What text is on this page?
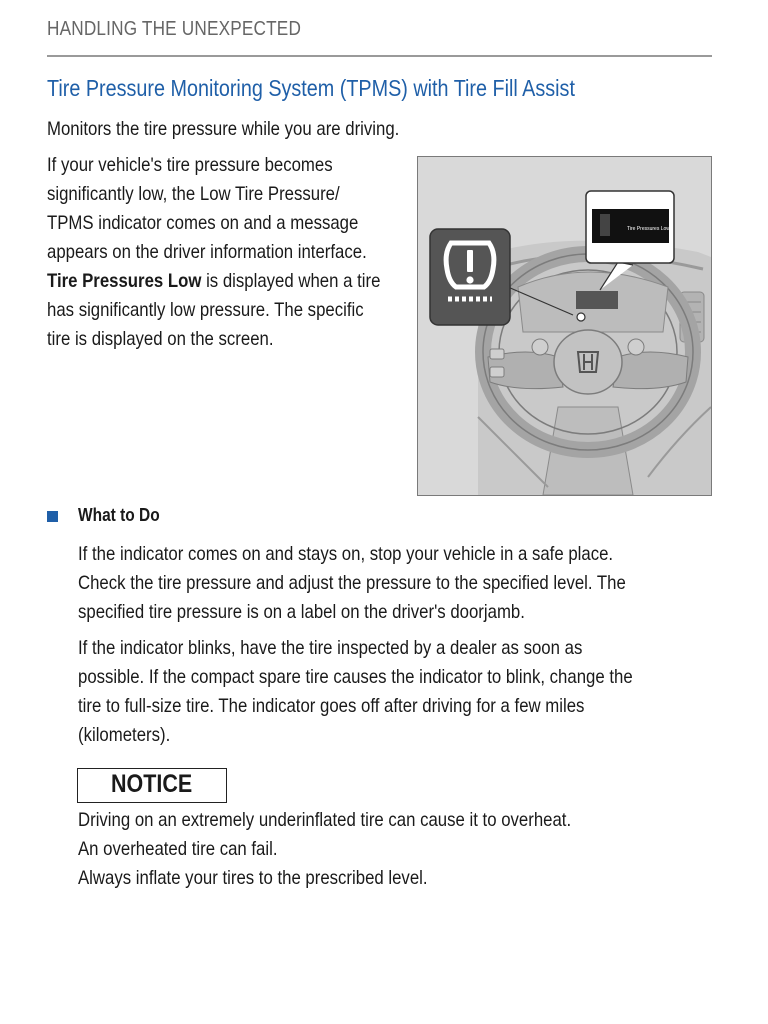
HANDLING THE UNEXPECTED
Tire Pressure Monitoring System (TPMS) with Tire Fill Assist
Monitors the tire pressure while you are driving.
If your vehicle's tire pressure becomes
significantly low, the Low Tire Pressure/
TPMS indicator comes on and a message
appears on the driver information interface.
Tire Pressures Low is displayed when a tire
has significantly low pressure. The specific
tire is displayed on the screen.
Tire Pressures Low
What to Do
If the indicator comes on and stays on, stop your vehicle in a safe place.
Check the tire pressure and adjust the pressure to the specified level. The
specified tire pressure is on a label on the driver's doorjamb.
If the indicator blinks, have the tire inspected by a dealer as soon as
possible. If the compact spare tire causes the indicator to blink, change the
tire to full-size tire. The indicator goes off after driving for a few miles
(kilometers).
NOTICE
Driving on an extremely underinflated tire can cause it to overheat.
An overheated tire can fail.
Always inflate your tires to the prescribed level.
